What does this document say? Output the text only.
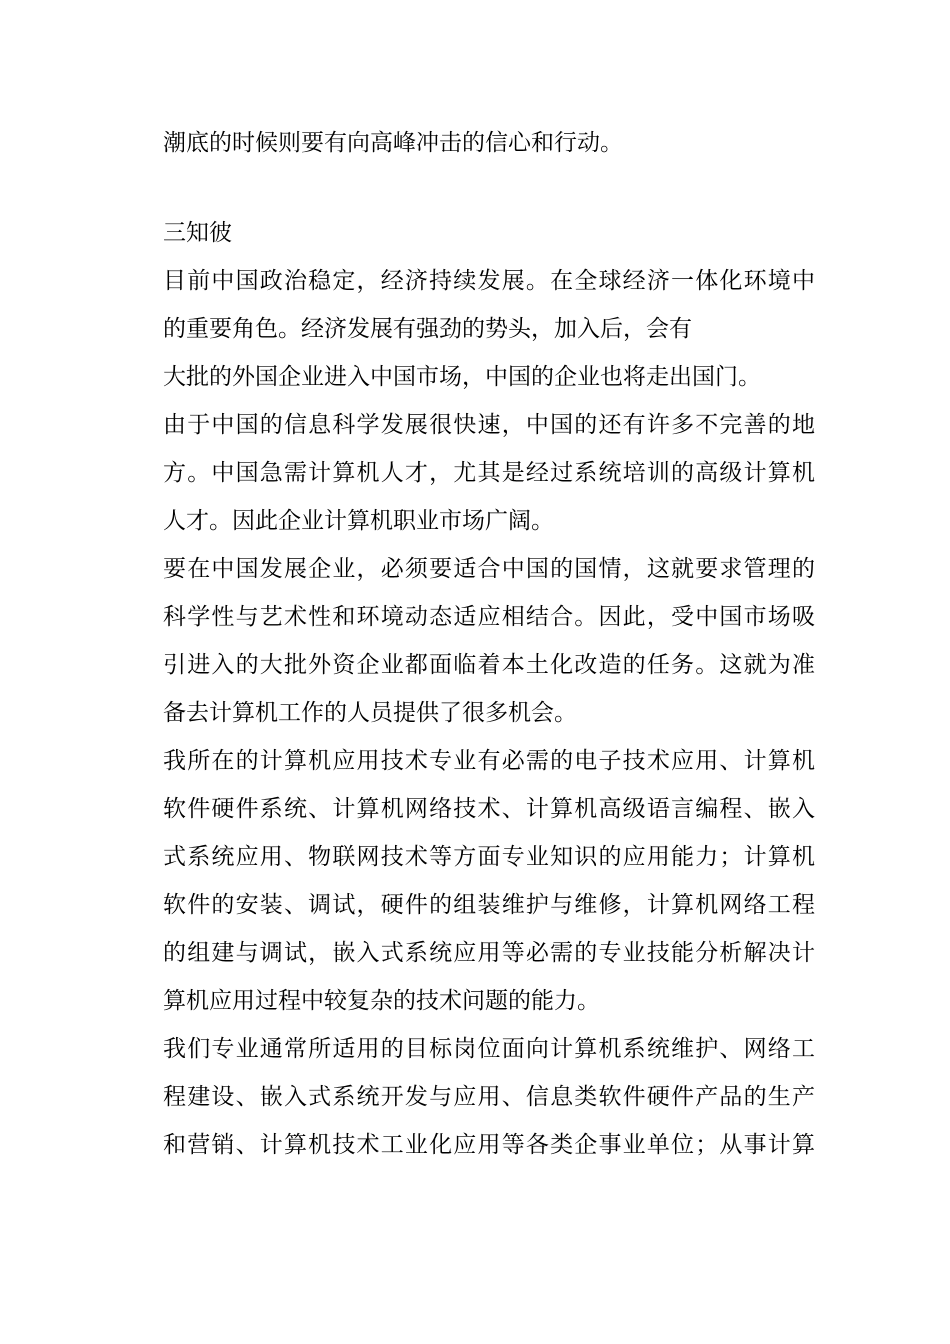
潮底的时候则要有向高峰冲击的信心和行动。
三知彼
目前中国政治稳定，经济持续发展。在全球经济一体化环境中
的重要角色。经济发展有强劲的势头，加入后，会有
大批的外国企业进入中国市场，中国的企业也将走出国门。
由于中国的信息科学发展很快速，中国的还有许多不完善的地
方。中国急需计算机人才，尤其是经过系统培训的高级计算机
人才。因此企业计算机职业市场广阔。
要在中国发展企业，必须要适合中国的国情，这就要求管理的
科学性与艺术性和环境动态适应相结合。因此，受中国市场吸
引进入的大批外资企业都面临着本土化改造的任务。这就为准
备去计算机工作的人员提供了很多机会。
我所在的计算机应用技术专业有必需的电子技术应用、计算机
软件硬件系统、计算机网络技术、计算机高级语言编程、嵌入
式系统应用、物联网技术等方面专业知识的应用能力；计算机
软件的安装、调试，硬件的组装维护与维修，计算机网络工程
的组建与调试，嵌入式系统应用等必需的专业技能分析解决计
算机应用过程中较复杂的技术问题的能力。
我们专业通常所适用的目标岗位面向计算机系统维护、网络工
程建设、嵌入式系统开发与应用、信息类软件硬件产品的生产
和营销、计算机技术工业化应用等各类企事业单位；从事计算
